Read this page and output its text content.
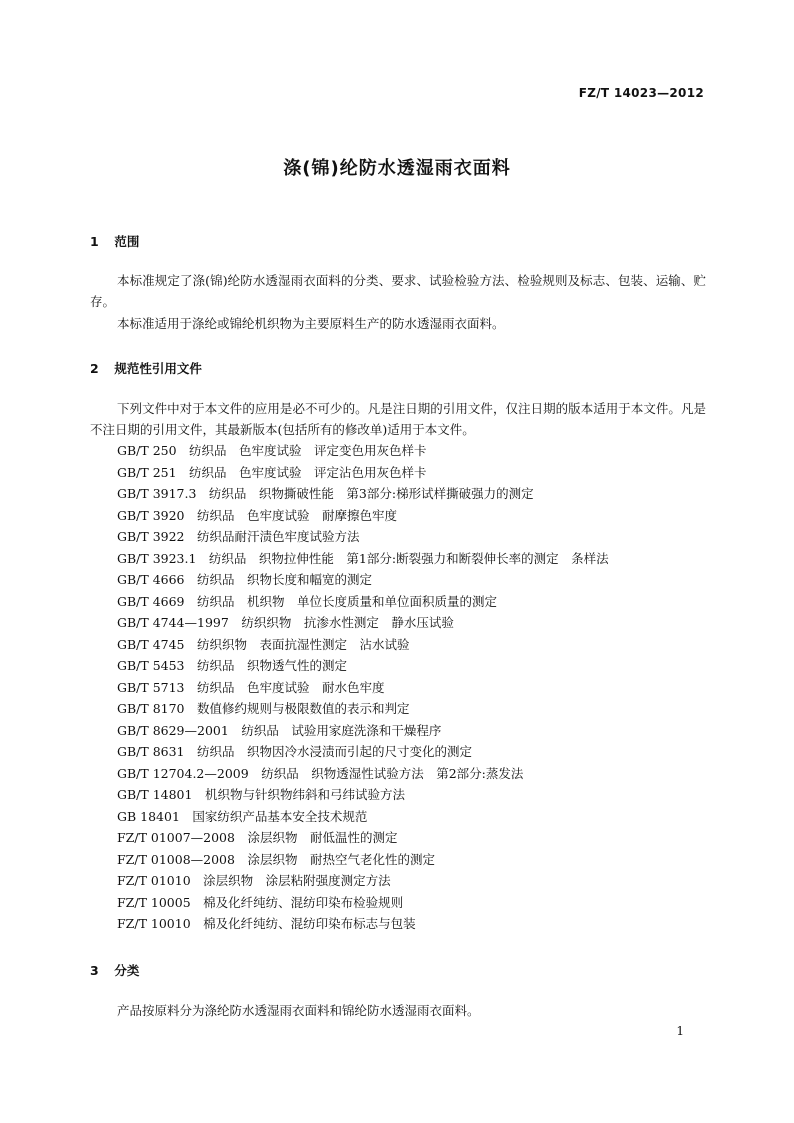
FZ/T 14023—2012
涤(锦)纶防水透湿雨衣面料
1 范围

本标准规定了涤(锦)纶防水透湿雨衣面料的分类、要求、试验检验方法、检验规则及标志、包装、运输、贮存。

本标准适用于涤纶或锦纶机织物为主要原料生产的防水透湿雨衣面料。

2 规范性引用文件

下列文件中对于本文件的应用是必不可少的。凡是注日期的引用文件，仅注日期的版本适用于本文件。凡是不注日期的引用文件，其最新版本(包括所有的修改单)适用于本文件。

GB/T 250　纺织品　色牢度试验　评定变色用灰色样卡
GB/T 251　纺织品　色牢度试验　评定沾色用灰色样卡
GB/T 3917.3　纺织品　织物撕破性能　第3部分:梯形试样撕破强力的测定
GB/T 3920　纺织品　色牢度试验　耐摩擦色牢度
GB/T 3922　纺织品耐汗渍色牢度试验方法
GB/T 3923.1　纺织品　织物拉伸性能　第1部分:断裂强力和断裂伸长率的测定　条样法
GB/T 4666　纺织品　织物长度和幅宽的测定
GB/T 4669　纺织品　机织物　单位长度质量和单位面积质量的测定
GB/T 4744—1997　纺织织物　抗渗水性测定　静水压试验
GB/T 4745　纺织织物　表面抗湿性测定　沾水试验
GB/T 5453　纺织品　织物透气性的测定
GB/T 5713　纺织品　色牢度试验　耐水色牢度
GB/T 8170　数值修约规则与极限数值的表示和判定
GB/T 8629—2001　纺织品　试验用家庭洗涤和干燥程序
GB/T 8631　纺织品　织物因冷水浸渍而引起的尺寸变化的测定
GB/T 12704.2—2009　纺织品　织物透湿性试验方法　第2部分:蒸发法
GB/T 14801　机织物与针织物纬斜和弓纬试验方法
GB 18401　国家纺织产品基本安全技术规范
FZ/T 01007—2008　涂层织物　耐低温性的测定
FZ/T 01008—2008　涂层织物　耐热空气老化性的测定
FZ/T 01010　涂层织物　涂层粘附强度测定方法
FZ/T 10005　棉及化纤纯纺、混纺印染布检验规则
FZ/T 10010　棉及化纤纯纺、混纺印染布标志与包装
3 分类

产品按原料分为涤纶防水透湿雨衣面料和锦纶防水透湿雨衣面料。

1
